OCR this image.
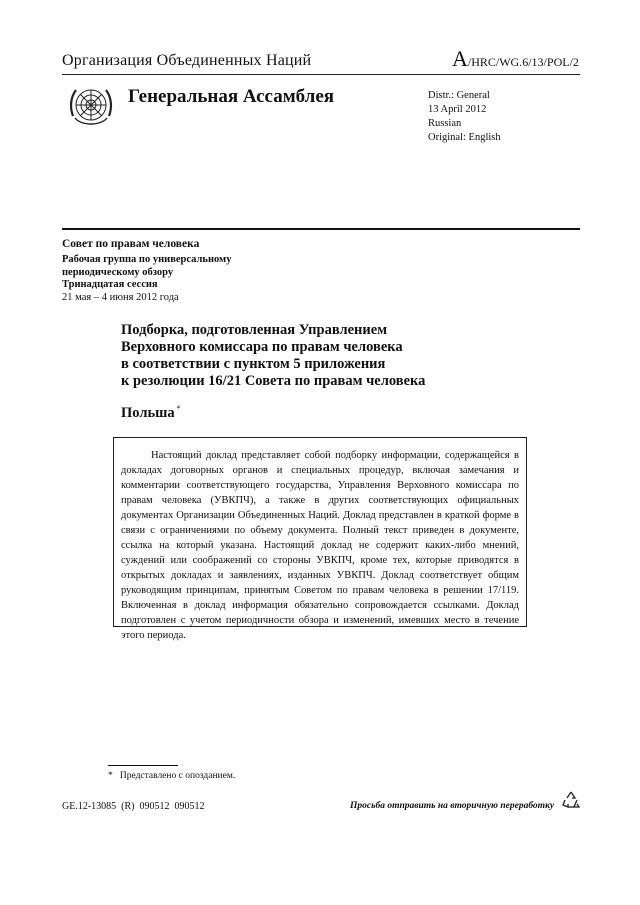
Организация Объединенных Наций	A/HRC/WG.6/13/POL/2
Генеральная Ассамблея	Distr.: General
13 April 2012
Russian
Original: English
Совет по правам человека
Рабочая группа по универсальному
периодическому обзору
Тринадцатая сессия
21 мая – 4 июня 2012 года
Подборка, подготовленная Управлением
Верховного комиссара по правам человека
в соответствии с пунктом 5 приложения
к резолюции 16/21 Совета по правам человека
Польша *
Настоящий доклад представляет собой подборку информации, содержащейся в докладах договорных органов и специальных процедур, включая замечания и комментарии соответствующего государства, Управления Верховного комиссара по правам человека (УВКПЧ), а также в других соответствующих официальных документах Организации Объединенных Наций. Доклад представлен в краткой форме в связи с ограничениями по объему документа. Полный текст приведен в документе, ссылка на который указана. Настоящий доклад не содержит каких-либо мнений, суждений или соображений со стороны УВКПЧ, кроме тех, которые приводятся в открытых докладах и заявлениях, изданных УВКПЧ. Доклад соответствует общим руководящим принципам, принятым Советом по правам человека в решении 17/119. Включенная в доклад информация обязательно сопровождается ссылками. Доклад подготовлен с учетом периодичности обзора и изменений, имевших место в течение этого периода.
*   Представлено с опозданием.
GE.12-13085  (R)  090512  090512	Просьба отправить на вторичную переработку
